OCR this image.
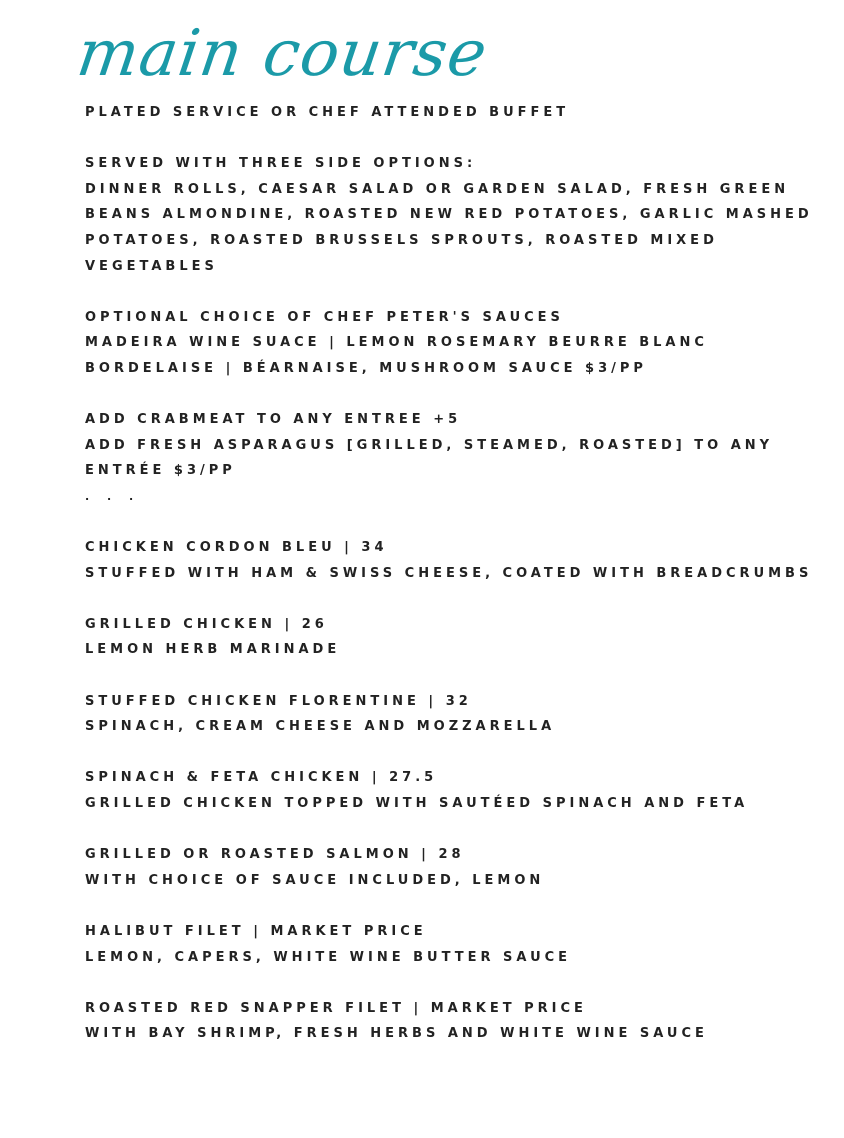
main course
PLATED SERVICE OR CHEF ATTENDED BUFFET
SERVED WITH THREE SIDE OPTIONS:
DINNER ROLLS, CAESAR SALAD OR GARDEN SALAD, FRESH GREEN
BEANS ALMONDINE, ROASTED NEW RED POTATOES, GARLIC MASHED
POTATOES, ROASTED BRUSSELS SPROUTS, ROASTED MIXED
VEGETABLES
OPTIONAL CHOICE OF CHEF PETER'S SAUCES
MADEIRA WINE SUACE | LEMON ROSEMARY BEURRE BLANC
BORDELAISE | BÉARNAISE, MUSHROOM SAUCE $3/PP
ADD CRABMEAT TO ANY ENTREE +5
ADD FRESH ASPARAGUS [GRILLED, STEAMED, ROASTED] TO ANY
ENTRÉE $3/PP
. . .
CHICKEN CORDON BLEU | 34
STUFFED WITH HAM & SWISS CHEESE, COATED WITH BREADCRUMBS
GRILLED CHICKEN | 26
LEMON HERB MARINADE
STUFFED CHICKEN FLORENTINE | 32
SPINACH, CREAM CHEESE AND MOZZARELLA
SPINACH & FETA CHICKEN | 27.5
GRILLED CHICKEN TOPPED WITH SAUTÉED SPINACH AND FETA
GRILLED OR ROASTED SALMON | 28
WITH CHOICE OF SAUCE INCLUDED, LEMON
HALIBUT FILET | MARKET PRICE
LEMON, CAPERS, WHITE WINE BUTTER SAUCE
ROASTED RED SNAPPER FILET | MARKET PRICE
WITH BAY SHRIMP, FRESH HERBS AND WHITE WINE SAUCE
